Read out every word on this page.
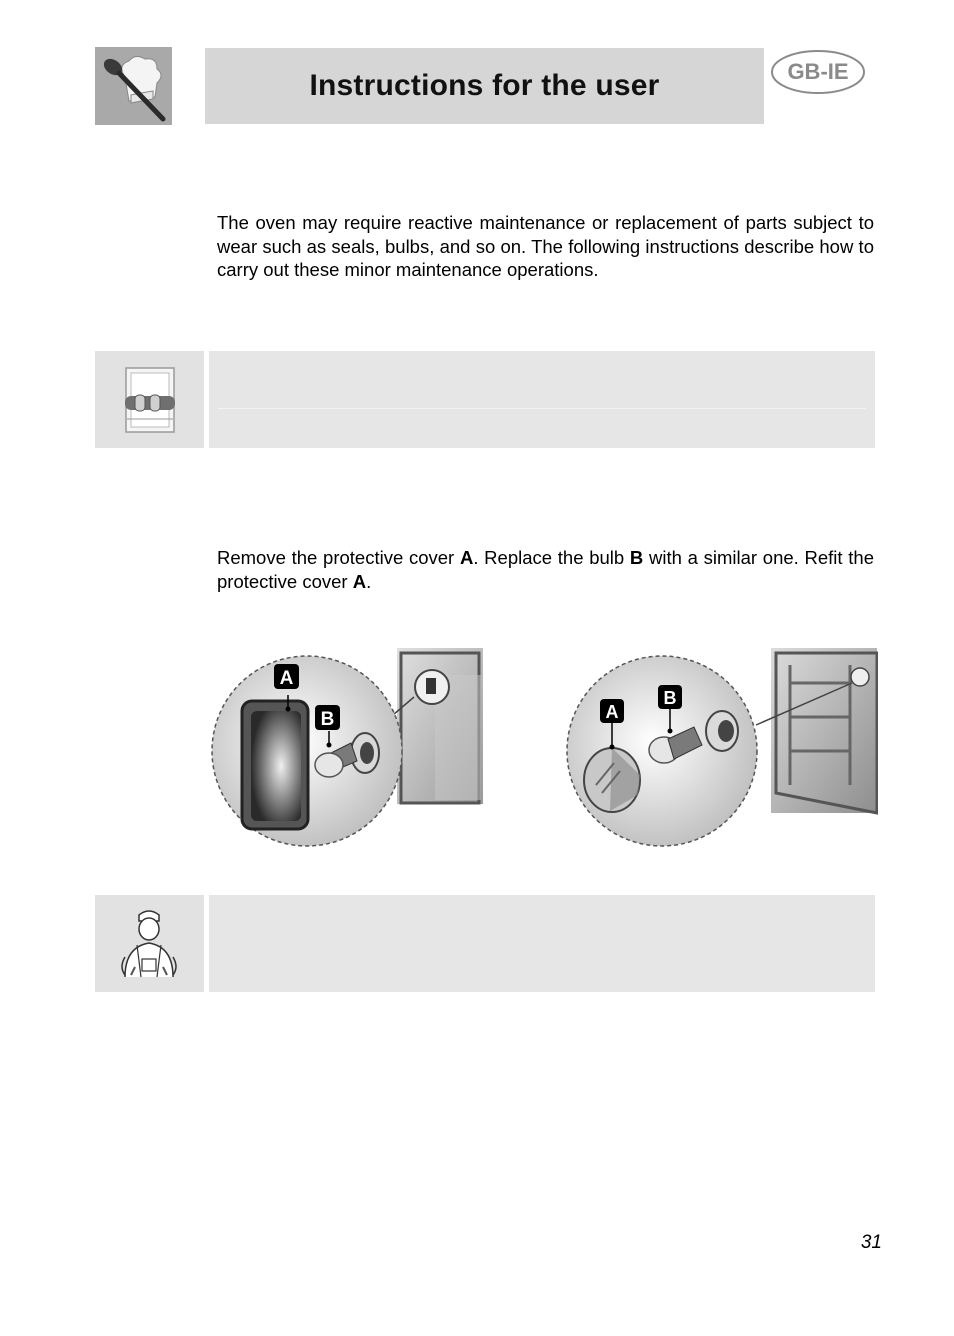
Instructions for the user	GB-IE
The oven may require reactive maintenance or replacement of parts subject to wear such as seals, bulbs, and so on. The following instructions describe how to carry out these minor maintenance operations.
Remove the protective cover A. Replace the bulb B with a similar one. Refit the protective cover A.
A
B	A
B
31
